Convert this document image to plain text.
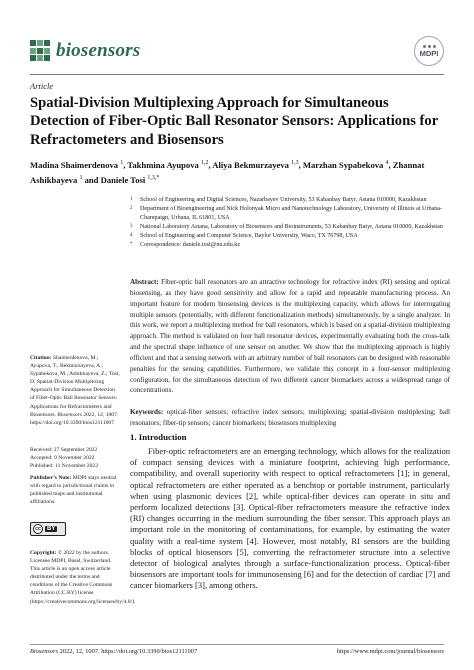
biosensors	MDPI
Article
Spatial-Division Multiplexing Approach for Simultaneous Detection of Fiber-Optic Ball Resonator Sensors: Applications for Refractometers and Biosensors
Madina Shaimerdenova $^1$, Takhmina Ayupova $^{1,2}$, Aliya Bekmurzayeva $^{1,3}$, Marzhan Sypabekova $^4$, Zhannat Ashikbayeva $^1$ and Daniele Tosi $^{1,3,*}$
1	School of Engineering and Digital Sciences, Nazarbayev University, 53 Kabanbay Batyr, Astana 010000, Kazakhstan
2	Department of Bioengineering and Nick Holonyak Micro and Nanotechnology Laboratory, University of Illinois at Urbana-Champaign, Urbana, IL 61801, USA
3	National Laboratory Astana, Laboratory of Biosensors and Bioinstruments, 53 Kabanbay Batyr, Astana 010000, Kazakhstan
4	School of Engineering and Computer Science, Baylor University, Waco, TX 76798, USA
*	Correspondence: daniele.tosi@nu.edu.kz

Abstract: Fiber-optic ball resonators are an attractive technology for refractive index (RI) sensing and optical biosensing, as they have good sensitivity and allow for a rapid and repeatable manufacturing process. An important feature for modern biosensing devices is the multiplexing capacity, which allows for interrogating multiple sensors (potentially, with different functionalization methods) simultaneously, by a single analyzer. In this work, we report a multiplexing method for ball resonators, which is based on a spatial-division multiplexing approach. The method is validated on four ball resonator devices, experimentally evaluating both the cross-talk and the spectral shape influence of one sensor on another. We show that the multiplexing approach is highly efficient and that a sensing network with an arbitrary number of ball resonators can be designed with reasonable penalties for the sensing capabilities. Furthermore, we validate this concept in a four-sensor multiplexing configuration, for the simultaneous detection of two different cancer biomarkers across a widespread range of concentrations.

Keywords: optical-fiber sensors; refractive index sensors; multiplexing; spatial-division multiplexing; ball resonators; fiber-tip sensors; cancer biomarkers; biosensors multiplexing

Citation: Shaimerdenova, M.; Ayupova, T.; Bekmurzayeva, A.; Sypabekova, M.; Ashikbayeva, Z.; Tosi, D. Spatial-Division Multiplexing Approach for Simultaneous Detection of Fiber-Optic Ball Resonator Sensors: Applications for Refractometers and Biosensors. Biosensors 2022, 12, 1007. https://doi.org/10.3390/bios12111007
Received: 27 September 2022
Accepted: 9 November 2022
Published: 11 November 2022
Publisher’s Note: MDPI stays neutral with regard to jurisdictional claims in published maps and institutional affiliations.
cc	BY
Copyright: © 2022 by the authors. Licensee MDPI, Basel, Switzerland. This article is an open access article distributed under the terms and conditions of the Creative Commons Attribution (CC BY) license (https://creativecommons.org/licenses/by/4.0/).
1. Introduction

Fiber-optic refractometers are an emerging technology, which allows for the realization of compact sensing devices with a miniature footprint, achieving high performance, compatibility, and overall superiority with respect to optical refractometers [1]; in general, optical refractometers are either operated as a benchtop or portable instrument, particularly when using plasmonic devices [2], while optical-fiber devices can operate in situ and perform localized detections [3]. Optical-fiber refractometers measure the refractive index (RI) changes occurring in the medium surrounding the fiber sensor. This approach plays an important role in the monitoring of contaminations, for example, by estimating the water quality with a real-time system [4]. However, most notably, RI sensors are the building blocks of optical biosensors [5], converting the refractometer structure into a selective detector of biological analytes through a surface-functionalization process. Optical-fiber biosensors are important tools for immunosensing [6] and for the detection of cardiac [7] and cancer biomarkers [3], among others.

Biosensors 2022, 12, 1007. https://doi.org/10.3390/bios12111007	https://www.mdpi.com/journal/biosensors
